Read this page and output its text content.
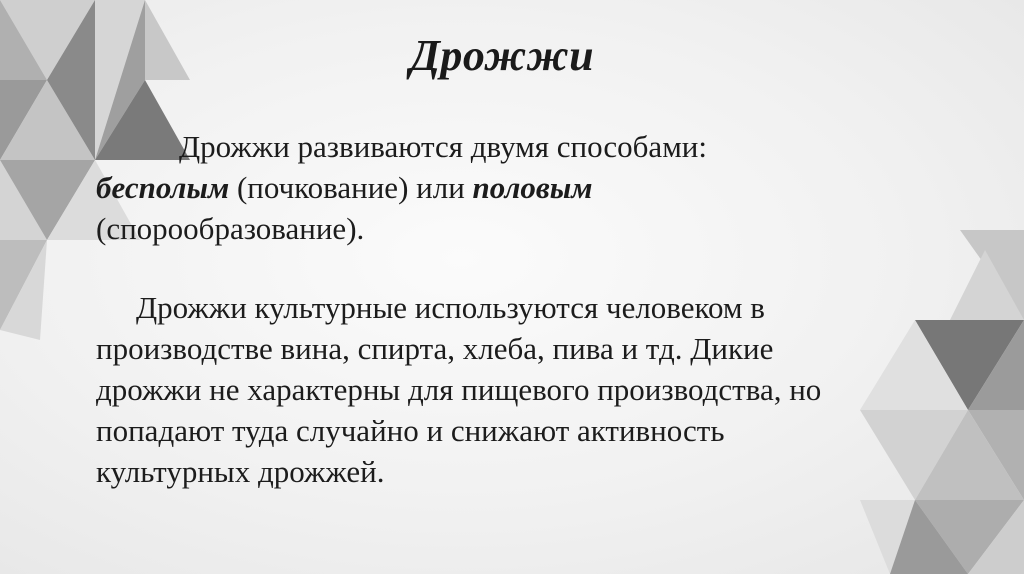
Дрожжи

Дрожжи развиваются двумя способами:
бесполым (почкование) или половым
(спорообразование).

Дрожжи культурные используются человеком в
производстве вина, спирта, хлеба, пива и тд. Дикие
дрожжи не характерны для пищевого производства, но
попадают туда случайно и снижают активность
культурных дрожжей.
